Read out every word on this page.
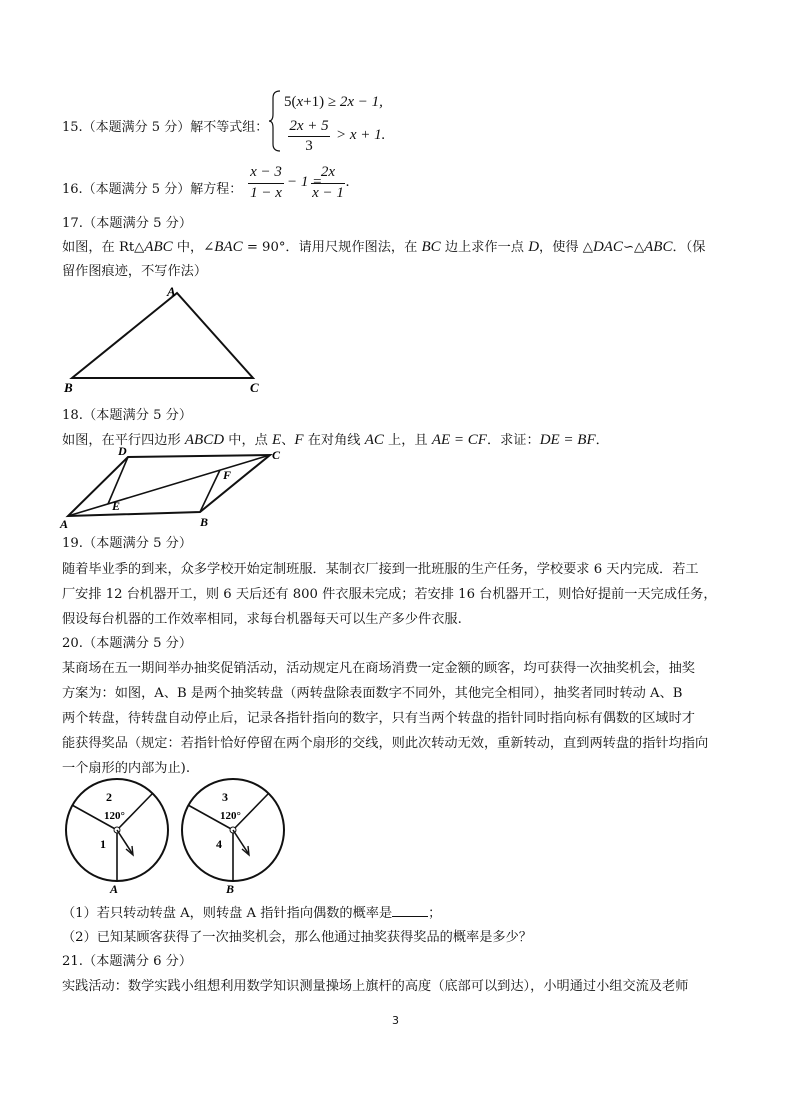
15.（本题满分 5 分）解不等式组：
5(x+1) ≥ 2x − 1,
2x + 5
3
> x + 1.
16.（本题满分 5 分）解方程：
x − 3
1 − x
− 1 =
2x
x − 1
.
17.（本题满分 5 分）
如图，在 Rt△ABC 中，∠BAC = 90°．请用尺规作图法，在 BC 边上求作一点 D，使得 △DAC∽△ABC．（保
留作图痕迹，不写作法）
A
B	C
18.（本题满分 5 分）
如图，在平行四边形 ABCD 中，点 E、F 在对角线 AC 上，且 AE = CF．求证：DE = BF．
A	B
C
D
E
F
19.（本题满分 5 分）
随着毕业季的到来，众多学校开始定制班服．某制衣厂接到一批班服的生产任务，学校要求 6 天内完成．若工
厂安排 12 台机器开工，则 6 天后还有 800 件衣服未完成；若安排 16 台机器开工，则恰好提前一天完成任务，
假设每台机器的工作效率相同，求每台机器每天可以生产多少件衣服.
20.（本题满分 5 分）
某商场在五一期间举办抽奖促销活动，活动规定凡在商场消费一定金额的顾客，均可获得一次抽奖机会，抽奖
方案为：如图，A、B 是两个抽奖转盘（两转盘除表面数字不同外，其他完全相同），抽奖者同时转动 A、B
两个转盘，待转盘自动停止后，记录各指针指向的数字，只有当两个转盘的指针同时指向标有偶数的区域时才
能获得奖品（规定：若指针恰好停留在两个扇形的交线，则此次转动无效，重新转动，直到两转盘的指针均指向
一个扇形的内部为止).
2
120°
1
A
3
120°
4
B
（1）若只转动转盘 A，则转盘 A 指针指向偶数的概率是	；
（2）已知某顾客获得了一次抽奖机会，那么他通过抽奖获得奖品的概率是多少？
21.（本题满分 6 分）
实践活动：数学实践小组想利用数学知识测量操场上旗杆的高度（底部可以到达），小明通过小组交流及老师
3
